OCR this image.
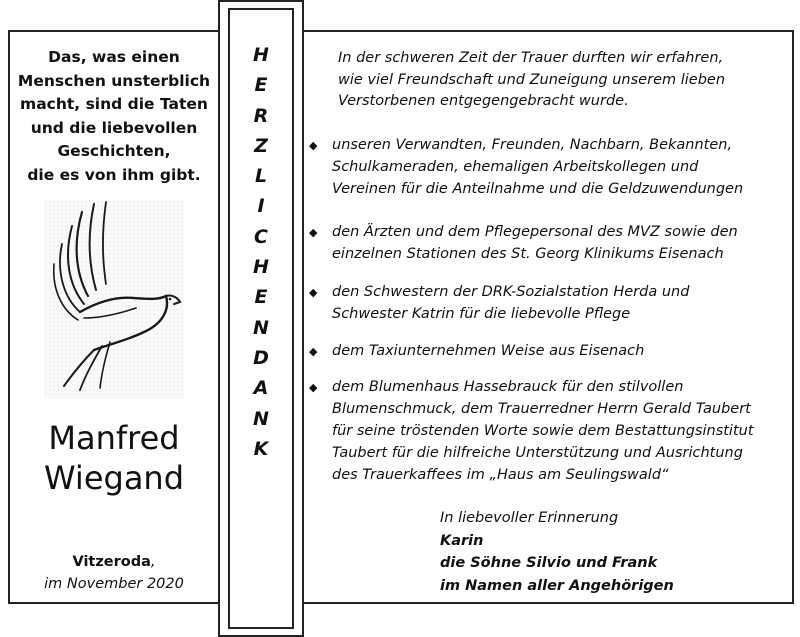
H
E
R
Z
L
I
C
H
E
N
D
A
N
K
Das, was einen
Menschen unsterblich
macht, sind die Taten
und die liebevollen
Geschichten,
die es von ihm gibt.
Manfred
Wiegand
Vitzeroda,
im November 2020
In der schweren Zeit der Trauer durften wir erfahren,
wie viel Freundschaft und Zuneigung unserem lieben
Verstorbenen entgegengebracht wurde.
◆ unseren Verwandten, Freunden, Nachbarn, Bekannten,
Schulkameraden, ehemaligen Arbeitskollegen und
Vereinen für die Anteilnahme und die Geldzuwendungen
◆ den Ärzten und dem Pflegepersonal des MVZ sowie den
einzelnen Stationen des St. Georg Klinikums Eisenach
◆ den Schwestern der DRK-Sozialstation Herda und
Schwester Katrin für die liebevolle Pflege
◆ dem Taxiunternehmen Weise aus Eisenach
◆ dem Blumenhaus Hassebrauck für den stilvollen
Blumenschmuck, dem Trauerredner Herrn Gerald Taubert
für seine tröstenden Worte sowie dem Bestattungsinstitut
Taubert für die hilfreiche Unterstützung und Ausrichtung
des Trauerkaffees im „Haus am Seulingswald“
In liebevoller Erinnerung
Karin
die Söhne Silvio und Frank
im Namen aller Angehörigen
